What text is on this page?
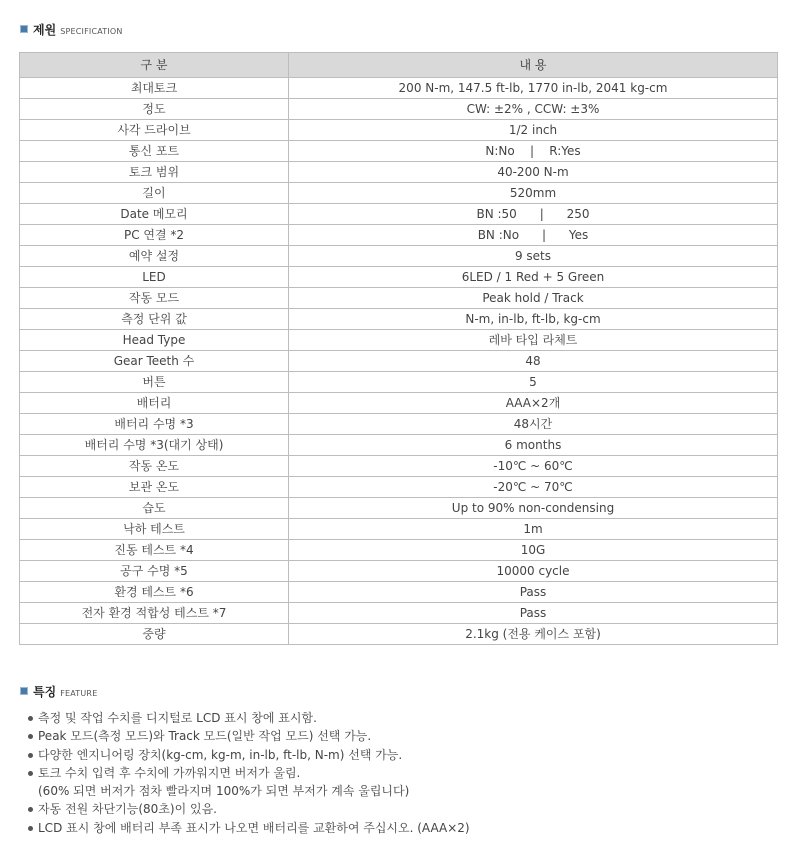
제원 SPECIFICATION
구 분	내 용
최대토크	200 N-m, 147.5 ft-lb, 1770 in-lb, 2041 kg-cm
정도	CW: ±2% , CCW: ±3%
사각 드라이브	1/2 inch
통신 포트	N:No    |    R:Yes
토크 범위	40-200 N-m
길이	520mm
Date 메모리	BN :50      |      250
PC 연결 *2	BN :No      |      Yes
예약 설정	9 sets
LED	6LED / 1 Red + 5 Green
작동 모드	Peak hold / Track
측정 단위 값	N-m, in-lb, ft-lb, kg-cm
Head Type	레바 타입 라체트
Gear Teeth 수	48
버튼	5
배터리	AAA×2개
배터리 수명 *3	48시간
배터리 수명 *3(대기 상태)	6 months
작동 온도	-10℃ ~ 60℃
보관 온도	-20℃ ~ 70℃
습도	Up to 90% non-condensing
낙하 테스트	1m
진동 테스트 *4	10G
공구 수명 *5	10000 cycle
환경 테스트 *6	Pass
전자 환경 적합성 테스트 *7	Pass
중량	2.1kg (전용 케이스 포함)
특징 FEATURE
측정 및 작업 수치를 디지털로 LCD 표시 창에 표시함.
Peak 모드(측정 모드)와 Track 모드(일반 작업 모드) 선택 가능.
다양한 엔지니어링 장치(kg-cm, kg-m, in-lb, ft-lb, N-m) 선택 가능.
토크 수치 입력 후 수치에 가까워지면 버저가 울림.
(60% 되면 버저가 점차 빨라지며 100%가 되면 부저가 계속 울립니다)
자동 전원 차단기능(80초)이 있음.
LCD 표시 창에 배터리 부족 표시가 나오면 배터리를 교환하여 주십시오. (AAA×2)
